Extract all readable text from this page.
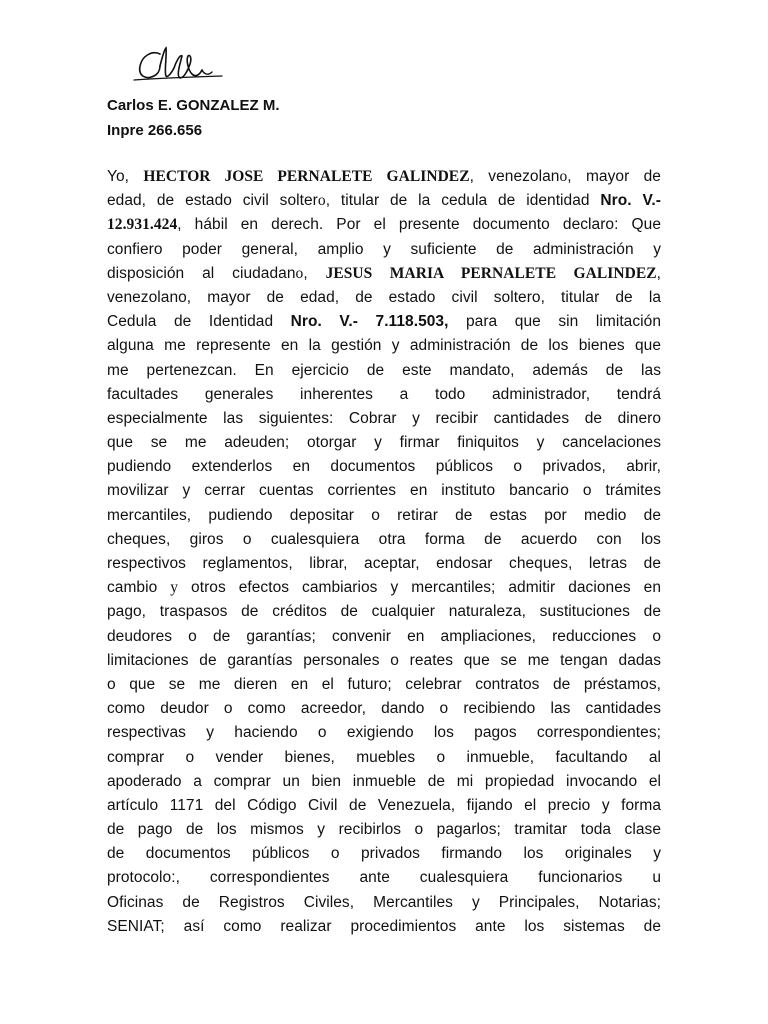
Carlos E. GONZALEZ M.
Inpre 266.656
Yo, HECTOR JOSE PERNALETE GALINDEZ, venezolano, mayor de
edad, de estado civil soltero, titular de la cedula de identidad Nro. V.-
12.931.424, hábil en derech. Por el presente documento declaro: Que
confiero poder general, amplio y suficiente de administración y
disposición al ciudadano, JESUS MARIA PERNALETE GALINDEZ,
venezolano, mayor de edad, de estado civil soltero, titular de la
Cedula de Identidad Nro. V.- 7.118.503, para que sin limitación
alguna me represente en la gestión y administración de los bienes que
me pertenezcan. En ejercicio de este mandato, además de las
facultades generales inherentes a todo administrador, tendrá
especialmente las siguientes: Cobrar y recibir cantidades de dinero
que se me adeuden; otorgar y firmar finiquitos y cancelaciones
pudiendo extenderlos en documentos públicos o privados, abrir,
movilizar y cerrar cuentas corrientes en instituto bancario o trámites
mercantiles, pudiendo depositar o retirar de estas por medio de
cheques, giros o cualesquiera otra forma de acuerdo con los
respectivos reglamentos, librar, aceptar, endosar cheques, letras de
cambio y otros efectos cambiarios y mercantiles; admitir daciones en
pago, traspasos de créditos de cualquier naturaleza, sustituciones de
deudores o de garantías; convenir en ampliaciones, reducciones o
limitaciones de garantías personales o reates que se me tengan dadas
o que se me dieren en el futuro; celebrar contratos de préstamos,
como deudor o como acreedor, dando o recibiendo las cantidades
respectivas y haciendo o exigiendo los pagos correspondientes;
comprar o vender bienes, muebles o inmueble, facultando al
apoderado a comprar un bien inmueble de mi propiedad invocando el
artículo 1171 del Código Civil de Venezuela, fijando el precio y forma
de pago de los mismos y recibirlos o pagarlos; tramitar toda clase
de documentos públicos o privados firmando los originales y
protocolo:, correspondientes ante cualesquiera funcionarios u
Oficinas de Registros Civiles, Mercantiles y Principales, Notarias;
SENIAT; así como realizar procedimientos ante los sistemas de
